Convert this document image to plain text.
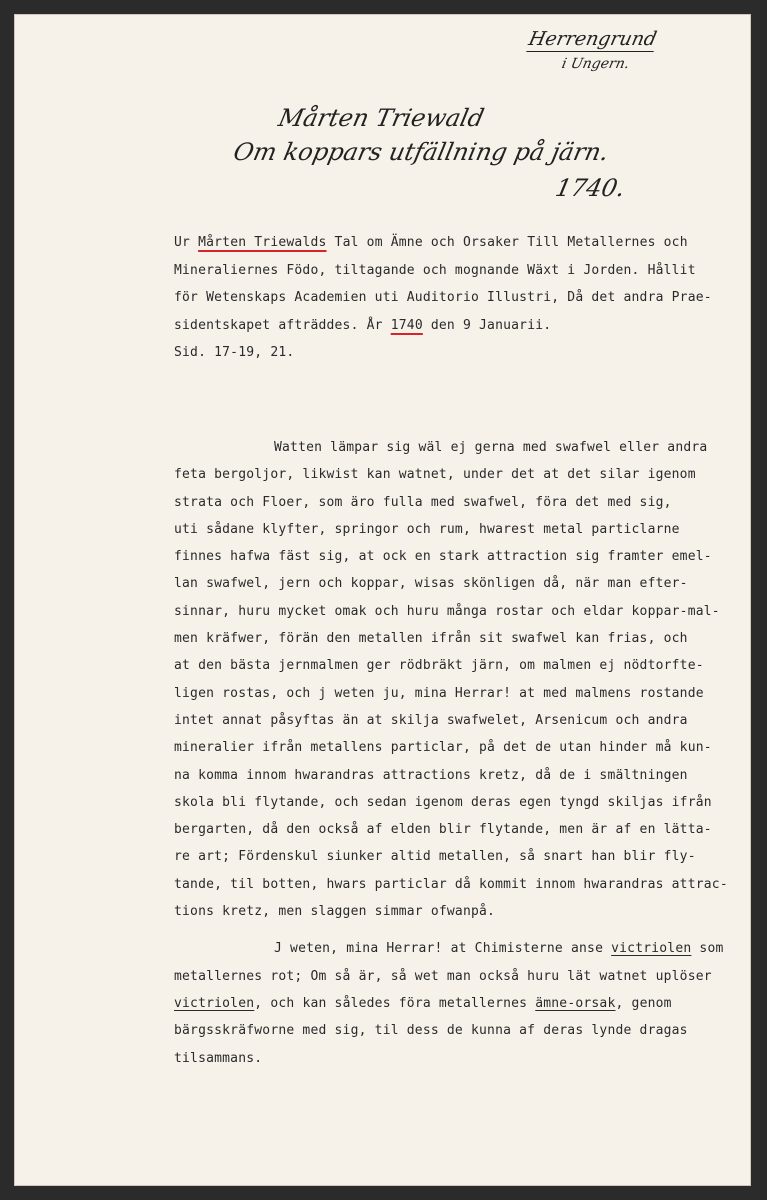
Herrengrund
i Ungern.
Mårten Triewald
Om koppars utfällning på järn.
1740.
Ur Mårten Triewalds Tal om Ämne och Orsaker Till Metallernes och
Mineraliernes Födo, tiltagande och mognande Wäxt i Jorden. Hållit
för Wetenskaps Academien uti Auditorio Illustri, Då det andra Prae-
sidentskapet afträddes. År 1740 den 9 Januarii.
Sid. 17-19, 21.
Watten lämpar sig wäl ej gerna med swafwel eller andra
feta bergoljor, likwist kan watnet, under det at det silar igenom
strata och Floer, som äro fulla med swafwel, föra det med sig,
uti sådane klyfter, springor och rum, hwarest metal particlarne
finnes hafwa fäst sig, at ock en stark attraction sig framter emel-
lan swafwel, jern och koppar, wisas skönligen då, när man efter-
sinnar, huru mycket omak och huru många rostar och eldar koppar-mal-
men kräfwer, förän den metallen ifrån sit swafwel kan frias, och
at den bästa jernmalmen ger rödbräkt järn, om malmen ej nödtorfte-
ligen rostas, och j weten ju, mina Herrar! at med malmens rostande
intet annat påsyftas än at skilja swafwelet, Arsenicum och andra
mineralier ifrån metallens particlar, på det de utan hinder må kun-
na komma innom hwarandras attractions kretz, då de i smältningen
skola bli flytande, och sedan igenom deras egen tyngd skiljas ifrån
bergarten, då den också af elden blir flytande, men är af en lätta-
re art; Fördenskul siunker altid metallen, så snart han blir fly-
tande, til botten, hwars particlar då kommit innom hwarandras attrac-
tions kretz, men slaggen simmar ofwanpå.
J weten, mina Herrar! at Chimisterne anse victriolen som
metallernes rot; Om så är, så wet man också huru lät watnet uplöser
victriolen, och kan således föra metallernes ämne-orsak, genom
bärgsskräfworne med sig, til dess de kunna af deras lynde dragas
tilsammans.
